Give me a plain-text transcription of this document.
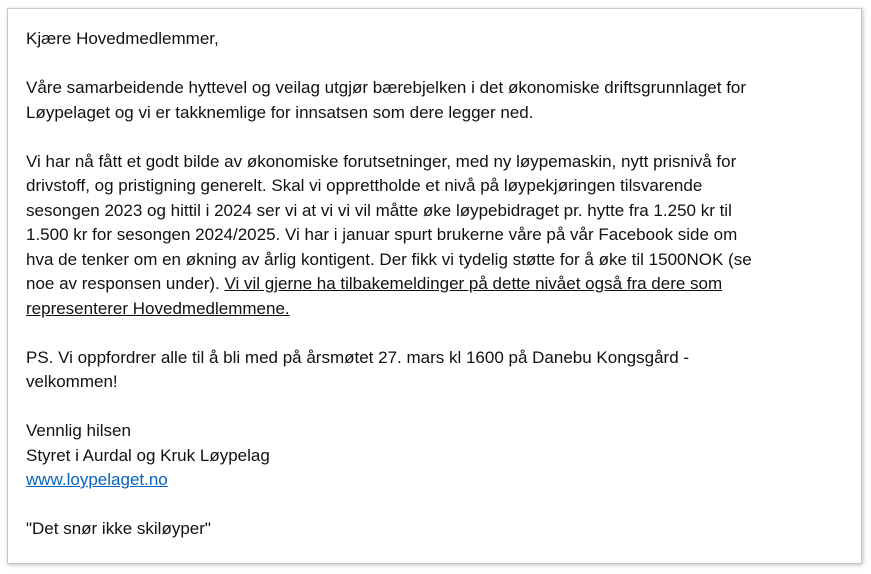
Kjære Hovedmedlemmer,

Våre samarbeidende hyttevel og veilag utgjør bærebjelken i det økonomiske driftsgrunnlaget for
Løypelaget og vi er takknemlige for innsatsen som dere legger ned.

Vi har nå fått et godt bilde av økonomiske forutsetninger, med ny løypemaskin, nytt prisnivå for
drivstoff, og pristigning generelt. Skal vi opprettholde et nivå på løypekjøringen tilsvarende
sesongen 2023 og hittil i 2024 ser vi at vi vi vil måtte øke løypebidraget pr. hytte fra 1.250 kr til
1.500 kr for sesongen 2024/2025. Vi har i januar spurt brukerne våre på vår Facebook side om
hva de tenker om en økning av årlig kontigent. Der fikk vi tydelig støtte for å øke til 1500NOK (se
noe av responsen under). Vi vil gjerne ha tilbakemeldinger på dette nivået også fra dere som
representerer Hovedmedlemmene.

PS. Vi oppfordrer alle til å bli med på årsmøtet 27. mars kl 1600 på Danebu Kongsgård -
velkommen!

Vennlig hilsen
Styret i Aurdal og Kruk Løypelag
www.loypelaget.no

"Det snør ikke skiløyper"
